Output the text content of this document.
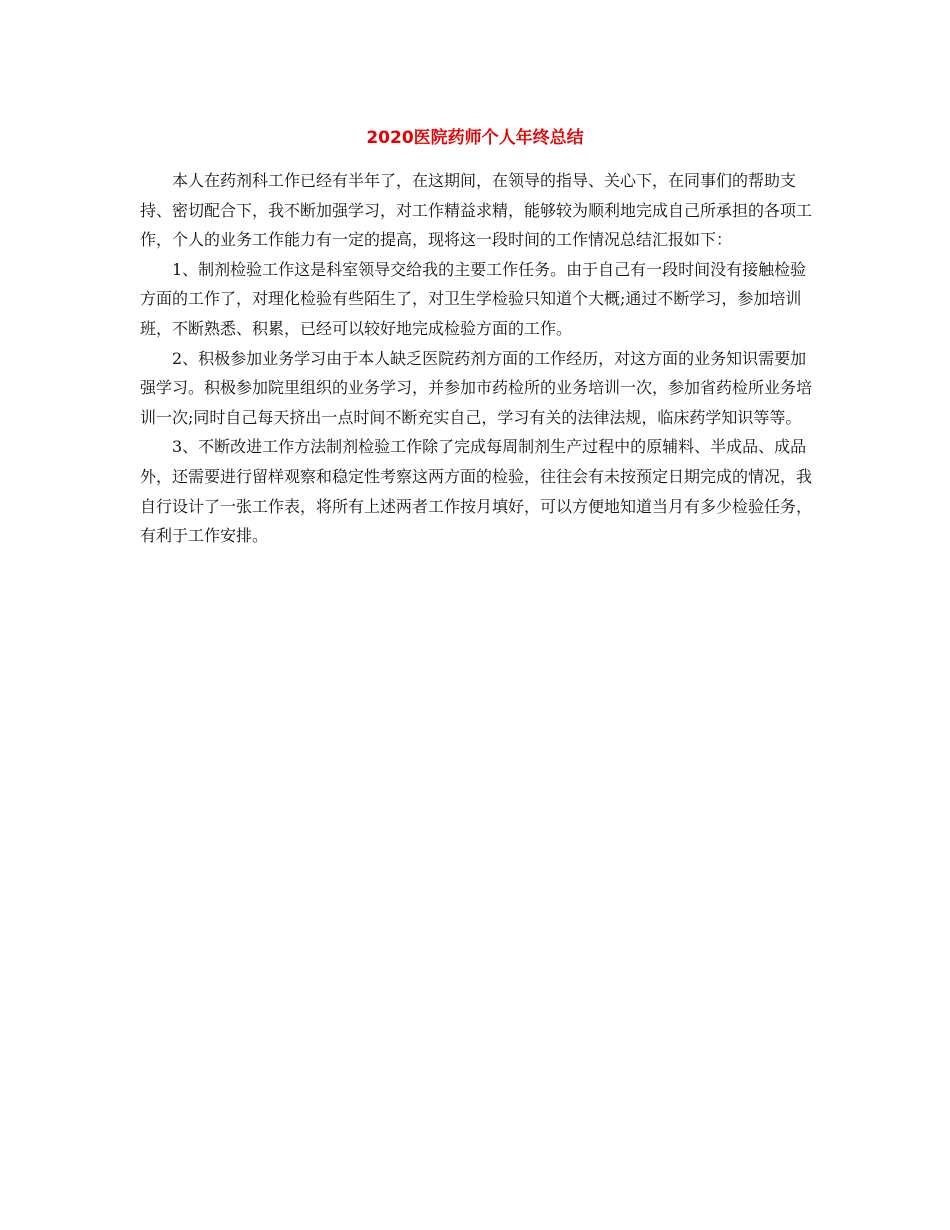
2020医院药师个人年终总结

本人在药剂科工作已经有半年了，在这期间，在领导的指导、关心下，在同事们的帮助支持、密切配合下，我不断加强学习，对工作精益求精，能够较为顺利地完成自己所承担的各项工作，个人的业务工作能力有一定的提高，现将这一段时间的工作情况总结汇报如下：

1、制剂检验工作这是科室领导交给我的主要工作任务。由于自己有一段时间没有接触检验方面的工作了，对理化检验有些陌生了，对卫生学检验只知道个大概;通过不断学习，参加培训班，不断熟悉、积累，已经可以较好地完成检验方面的工作。

2、积极参加业务学习由于本人缺乏医院药剂方面的工作经历，对这方面的业务知识需要加强学习。积极参加院里组织的业务学习，并参加市药检所的业务培训一次，参加省药检所业务培训一次;同时自己每天挤出一点时间不断充实自己，学习有关的法律法规，临床药学知识等等。

3、不断改进工作方法制剂检验工作除了完成每周制剂生产过程中的原辅料、半成品、成品外，还需要进行留样观察和稳定性考察这两方面的检验，往往会有未按预定日期完成的情况，我自行设计了一张工作表，将所有上述两者工作按月填好，可以方便地知道当月有多少检验任务，有利于工作安排。
